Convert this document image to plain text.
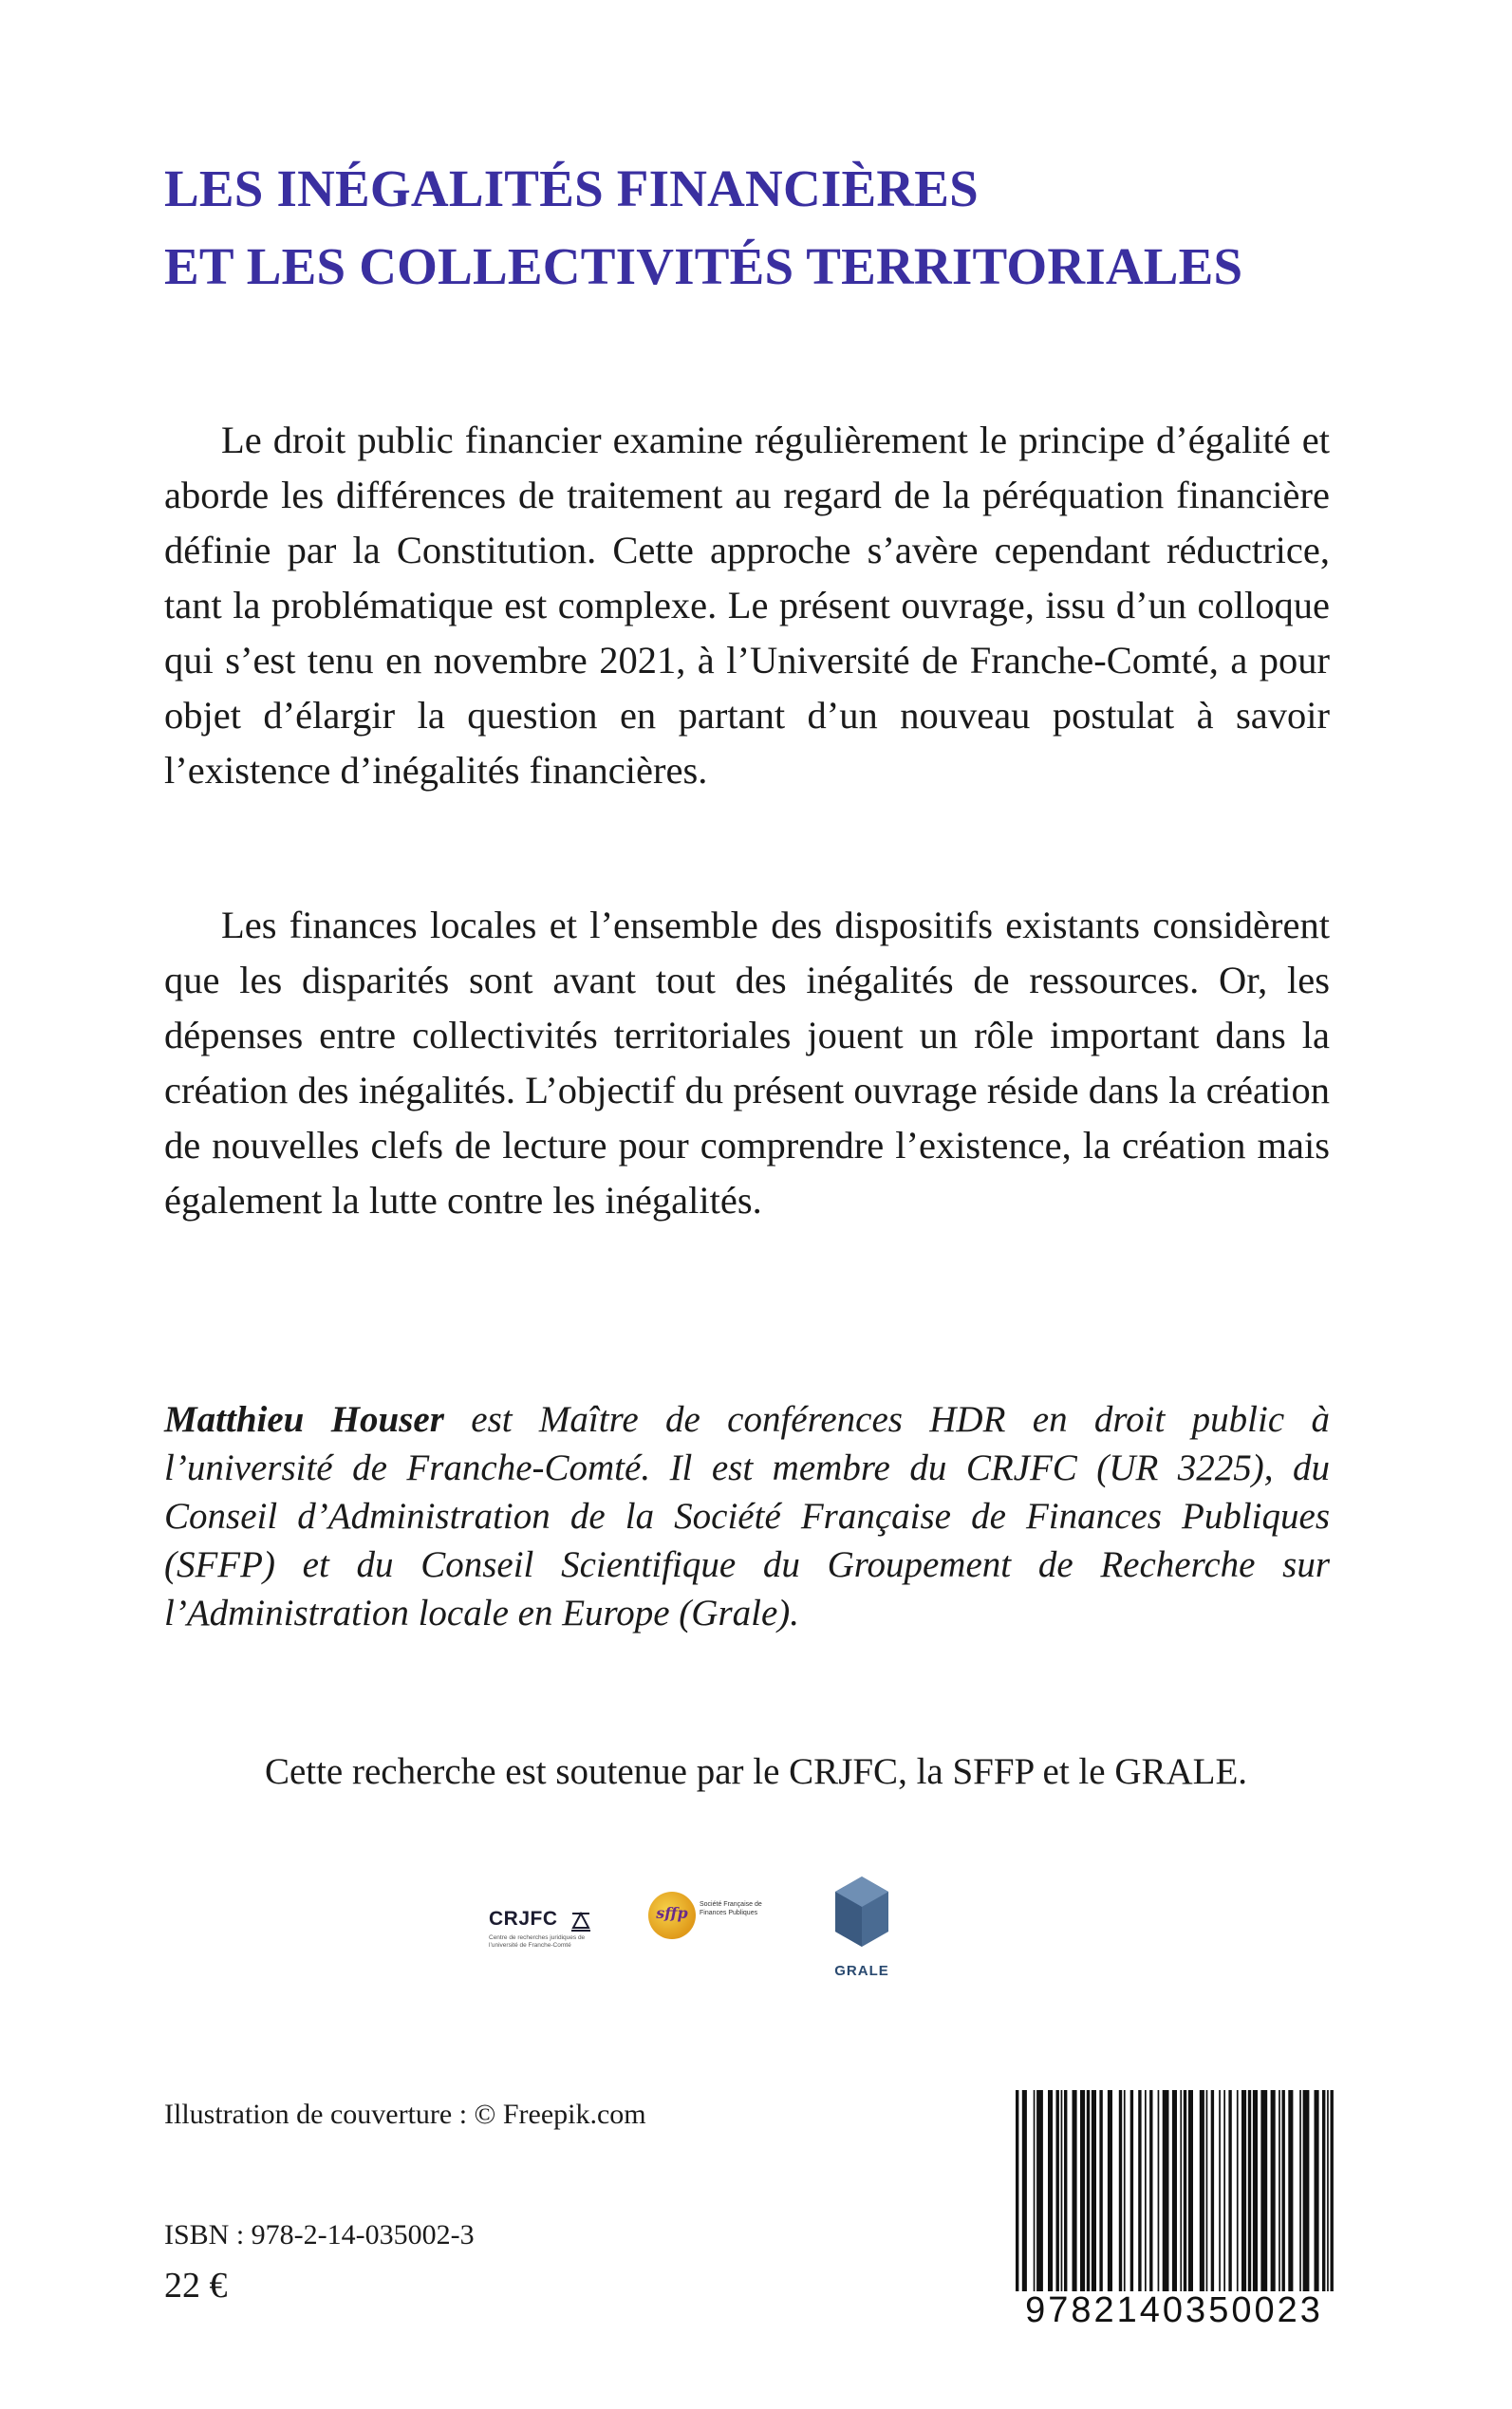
LES INÉGALITÉS FINANCIÈRES
ET LES COLLECTIVITÉS TERRITORIALES
Le droit public financier examine régulièrement le principe d’égalité et aborde les différences de traitement au regard de la péréquation financière définie par la Constitution. Cette approche s’avère cependant réductrice, tant la problématique est complexe. Le présent ouvrage, issu d’un colloque qui s’est tenu en novembre 2021, à l’Université de Franche-Comté, a pour objet d’élargir la question en partant d’un nouveau postulat à savoir l’existence d’inégalités financières.
Les finances locales et l’ensemble des dispositifs existants considèrent que les disparités sont avant tout des inégalités de ressources. Or, les dépenses entre collectivités territoriales jouent un rôle important dans la création des inégalités. L’objectif du présent ouvrage réside dans la création de nouvelles clefs de lecture pour comprendre l’existence, la création mais également la lutte contre les inégalités.
Matthieu Houser est Maître de conférences HDR en droit public à l’université de Franche-Comté. Il est membre du CRJFC (UR 3225), du Conseil d’Administration de la Société Française de Finances Publiques (SFFP) et du Conseil Scientifique du Groupement de Recherche sur l’Administration locale en Europe (Grale).
Cette recherche est soutenue par le CRJFC, la SFFP et le GRALE.
CRJFC
Centre de recherches juridiques de l’université de Franche-Comté
sffp	Société Française de Finances Publiques
GRALE
Illustration de couverture : © Freepik.com
ISBN : 978-2-14-035002-3
22 €
9782140350023
